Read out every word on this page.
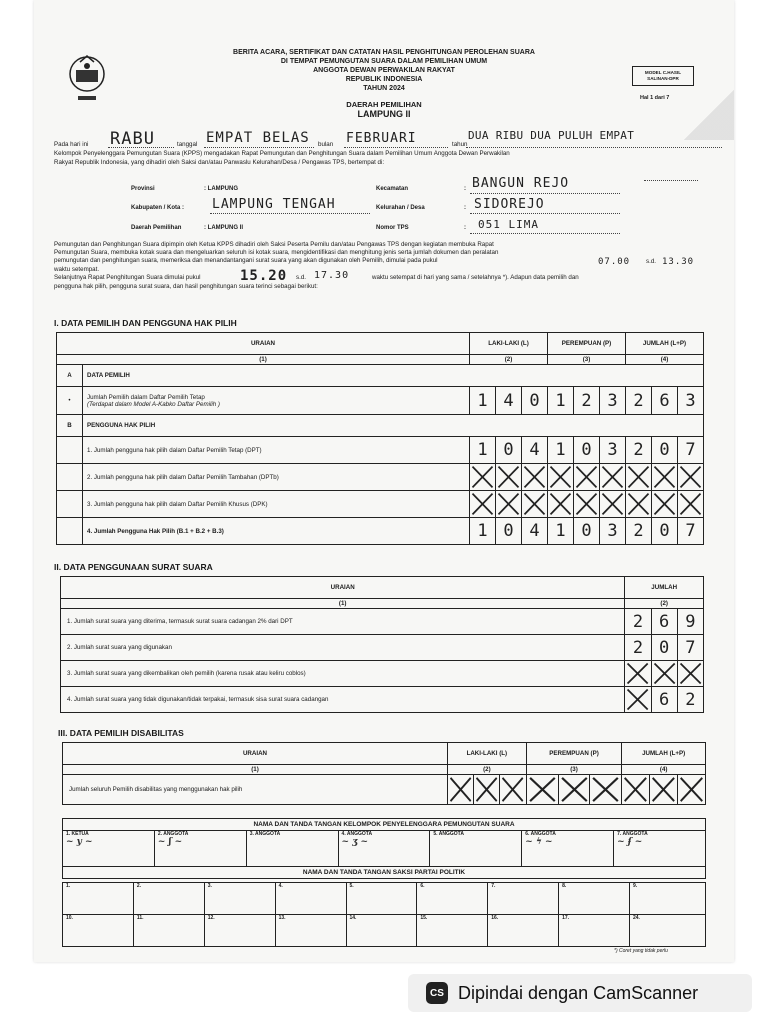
BERITA ACARA, SERTIFIKAT DAN CATATAN HASIL PENGHITUNGAN PEROLEHAN SUARA
DI TEMPAT PEMUNGUTAN SUARA DALAM PEMILIHAN UMUM
ANGGOTA DEWAN PERWAKILAN RAKYAT
REPUBLIK INDONESIA
TAHUN 2024
DAERAH PEMILIHAN
LAMPUNG II
MODEL C.HASIL
SALINAN-DPR
Hal 1 dari 7
Pada hari ini RABU	tanggal EMPAT BELAS bulan FEBRUARI	tahun
DUA RIBU DUA PULUH EMPAT
Kelompok Penyelenggara Pemungutan Suara (KPPS) mengadakan Rapat Pemungutan dan Penghitungan Suara dalam Pemilihan Umum Anggota Dewan Perwakilan
Rakyat Republik Indonesia, yang dihadiri oleh Saksi dan/atau Panwaslu Kelurahan/Desa / Pengawas TPS, bertempat di:
Provinsi	: LAMPUNG
Kabupaten / Kota : LAMPUNG TENGAH
Daerah Pemilihan	: LAMPUNG II
Kecamatan	: BANGUN REJO
Kelurahan / Desa	: SIDOREJO
Nomor TPS	: 051 LIMA
Pemungutan dan Penghitungan Suara dipimpin oleh Ketua KPPS dihadiri oleh Saksi Peserta Pemilu dan/atau Pengawas TPS dengan kegiatan membuka Rapat
Pemungutan Suara, membuka kotak suara dan mengeluarkan seluruh isi kotak suara, mengidentifikasi dan menghitung jenis serta jumlah dokumen dan peralatan
pemungutan dan penghitungan suara, memeriksa dan menandantangani surat suara yang akan digunakan oleh Pemilih, dimulai pada pukul	07.00	s.d. 13.30
waktu setempat.
Selanjutnya Rapat Penghitungan Suara dimulai pukul	15.20 s.d. 17.30	waktu setempat di hari yang sama / setelahnya *). Adapun data pemilih dan
pengguna hak pilih, pengguna surat suara, dan hasil penghitungan suara terinci sebagai berikut:
I. DATA PEMILIH DAN PENGGUNA HAK PILIH
URAIAN		LAKI-LAKI (L)			PEREMPUAN (P)			JUMLAH (L+P)		
(1)		(2)			(3)			(4)		
A	DATA PEMILIH									
•	Jumlah Pemilih dalam Daftar Pemilih Tetap
(Terdapat dalam Model A-Kabko Daftar Pemilih )	1	4	0	1	2	3	2	6	3
B	PENGGUNA HAK PILIH									
	1. Jumlah pengguna hak pilih dalam Daftar Pemilih Tetap (DPT)	1	0	4	1	0	3	2	0	7
	2. Jumlah pengguna hak pilih dalam Daftar Pemilih Tambahan (DPTb)	

	3. Jumlah pengguna hak pilih dalam Daftar Pemilih Khusus (DPK)	

	4. Jumlah Pengguna Hak Pilih (B.1 + B.2 + B.3)	1	0	4	1	0	3	2	0	7
II. DATA PENGGUNAAN SURAT SUARA
URAIAN	JUMLAH		
(1)	(2)		
1. Jumlah surat suara yang diterima, termasuk surat suara cadangan 2% dari DPT	2	6	9
2. Jumlah surat suara yang digunakan	2	0	7
3. Jumlah surat suara yang dikembalikan oleh pemilih (karena rusak atau keliru coblos)	

4. Jumlah surat suara yang tidak digunakan/tidak terpakai, termasuk sisa surat suara cadangan		6	2
III. DATA PEMILIH DISABILITAS
URAIAN	LAKI-LAKI (L)			PEREMPUAN (P)			JUMLAH (L+P)		
(1)	(2)			(3)			(4)		
Jumlah seluruh Pemilih disabilitas yang menggunakan hak pilih	

NAMA DAN TANDA TANGAN KELOMPOK PENYELENGGARA PEMUNGUTAN SUARA
1. KETUA
~ y ~
	2. ANGGOTA
~ ʃ ~
	3. ANGGOTA	4. ANGGOTA
~ ʒ ~
	5. ANGGOTA	6. ANGGOTA
~ ϟ ~
	7. ANGGOTA
~ ʄ ~

NAMA DAN TANDA TANGAN SAKSI PARTAI POLITIK
1.	2.	3.	4.	5.	6.	7.	8.	9.
10.	11.	12.	13.	14.	15.	16.	17.	24.
*) Coret yang tidak perlu
CS Dipindai dengan CamScanner
